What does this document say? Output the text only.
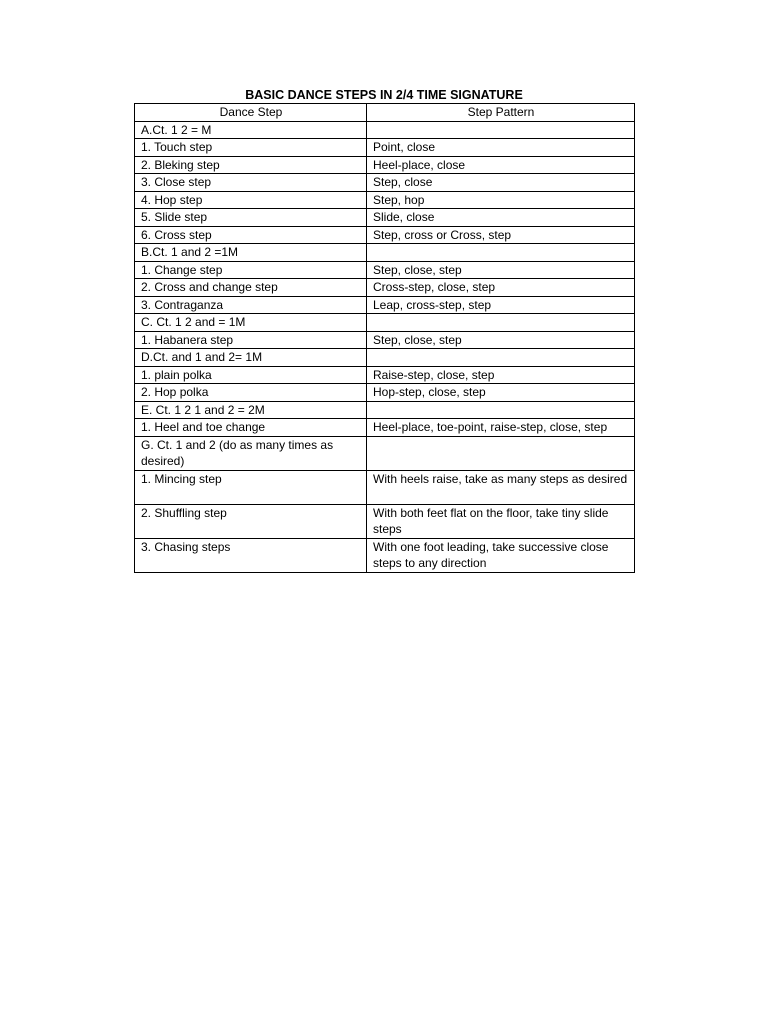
BASIC DANCE STEPS IN 2/4 TIME SIGNATURE
Dance Step	Step Pattern
A.Ct. 1 2 = M	
1. Touch step	Point, close
2. Bleking step	Heel-place, close
3. Close step	Step, close
4. Hop step	Step, hop
5. Slide step	Slide, close
6. Cross step	Step, cross or Cross, step
B.Ct. 1 and 2 =1M	
1. Change step	Step, close, step
2. Cross and change step	Cross-step, close, step
3. Contraganza	Leap, cross-step, step
C. Ct. 1 2 and = 1M	
1. Habanera step	Step, close, step
D.Ct. and 1 and 2= 1M	
1. plain polka	Raise-step, close, step
2. Hop polka	Hop-step, close, step
E. Ct. 1 2 1 and 2 = 2M	
1. Heel and toe change	Heel-place, toe-point, raise-step, close, step
G. Ct. 1 and 2 (do as many times as desired)	
1. Mincing step	With heels raise, take as many steps as desired
2. Shuffling step	With both feet flat on the floor, take tiny slide steps
3. Chasing steps	With one foot leading, take successive close steps to any direction
